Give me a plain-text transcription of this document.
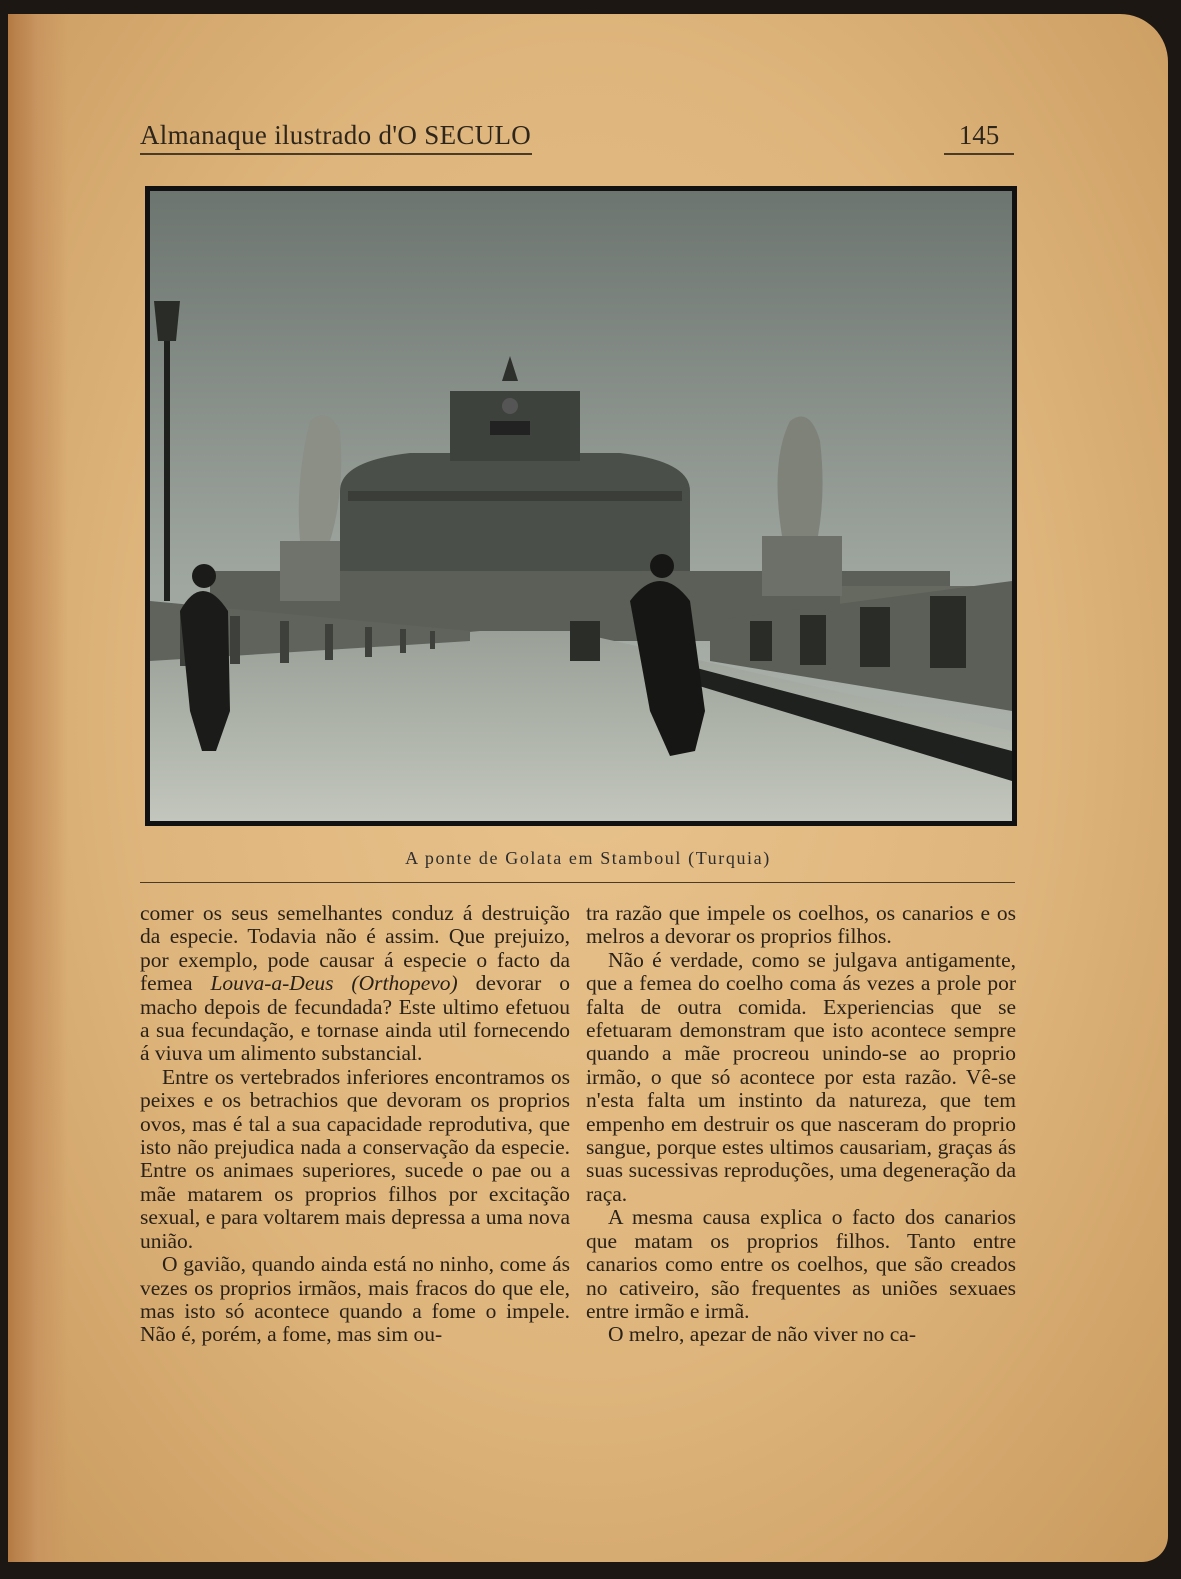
Almanaque ilustrado d'O SECULO	145
A ponte de Golata em Stamboul (Turquia)

comer os seus semelhantes conduz á destruição da especie. Todavia não é assim. Que prejuizo, por exemplo, pode causar á especie o facto da femea Louva-a-Deus (Orthopevo) devorar o macho depois de fecundada? Este ultimo efetuou a sua fecundação, e tornase ainda util fornecendo á viuva um alimento substancial.

Entre os vertebrados inferiores encontramos os peixes e os betrachios que devoram os proprios ovos, mas é tal a sua capacidade reprodutiva, que isto não prejudica nada a conservação da especie. Entre os animaes superiores, sucede o pae ou a mãe matarem os proprios filhos por excitação sexual, e para voltarem mais depressa a uma nova união.

O gavião, quando ainda está no ninho, come ás vezes os proprios irmãos, mais fracos do que ele, mas isto só acontece quando a fome o impele. Não é, porém, a fome, mas sim ou-

tra razão que impele os coelhos, os canarios e os melros a devorar os proprios filhos.

Não é verdade, como se julgava antigamente, que a femea do coelho coma ás vezes a prole por falta de outra comida. Experiencias que se efetuaram demonstram que isto acontece sempre quando a mãe procreou unindo-se ao proprio irmão, o que só acontece por esta razão. Vê-se n'esta falta um instinto da natureza, que tem empenho em destruir os que nasceram do proprio sangue, porque estes ultimos causariam, graças ás suas sucessivas reproduções, uma degeneração da raça.

A mesma causa explica o facto dos canarios que matam os proprios filhos. Tanto entre canarios como entre os coelhos, que são creados no cativeiro, são frequentes as uniões sexuaes entre irmão e irmã.

O melro, apezar de não viver no ca-
